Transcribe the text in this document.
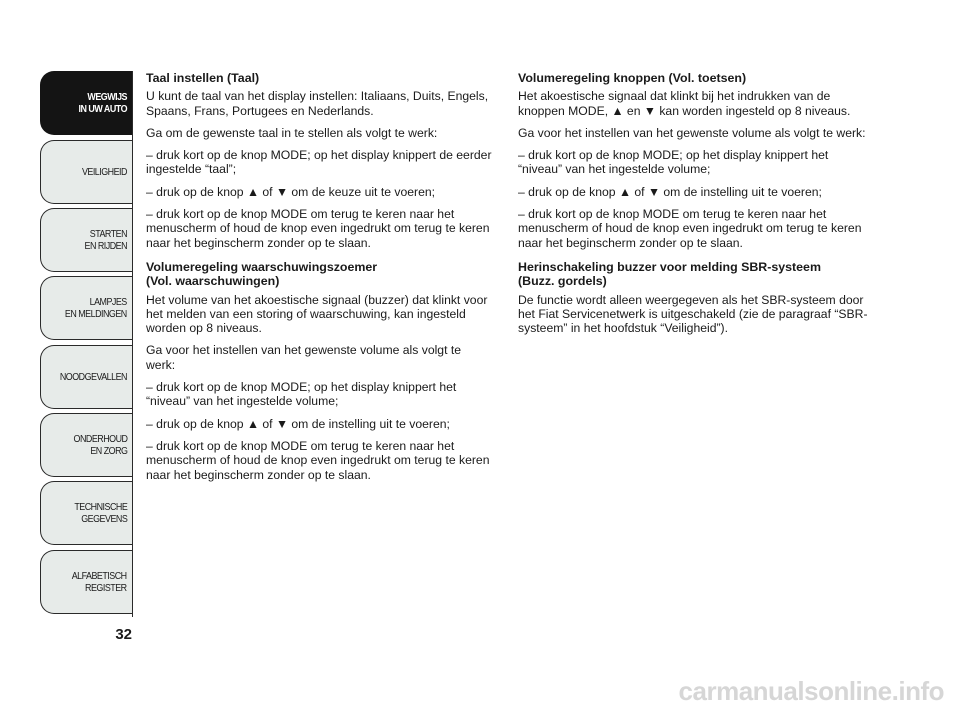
WEGWIJS
IN UW AUTO
VEILIGHEID
STARTEN
EN RIJDEN
LAMPJES
EN MELDINGEN
NOODGEVALLEN
ONDERHOUD
EN ZORG
TECHNISCHE
GEGEVENS
ALFABETISCH
REGISTER
32
Taal instellen (Taal)

U kunt de taal van het display instellen: Italiaans, Duits, Engels, Spaans, Frans, Portugees en Nederlands.

Ga om de gewenste taal in te stellen als volgt te werk:

– druk kort op de knop MODE; op het display knippert de eerder ingestelde “taal”;

– druk op de knop ▲ of ▼ om de keuze uit te voeren;

– druk kort op de knop MODE om terug te keren naar het menuscherm of houd de knop even ingedrukt om terug te keren naar het beginscherm zonder op te slaan.

Volumeregeling waarschuwingszoemer
(Vol. waarschuwingen)

Het volume van het akoestische signaal (buzzer) dat klinkt voor het melden van een storing of waarschuwing, kan ingesteld worden op 8 niveaus.

Ga voor het instellen van het gewenste volume als volgt te werk:

– druk kort op de knop MODE; op het display knippert het “niveau” van het ingestelde volume;

– druk op de knop ▲ of ▼ om de instelling uit te voeren;

– druk kort op de knop MODE om terug te keren naar het menuscherm of houd de knop even ingedrukt om terug te keren naar het beginscherm zonder op te slaan.

Volumeregeling knoppen (Vol. toetsen)

Het akoestische signaal dat klinkt bij het indrukken van de knoppen MODE, ▲ en ▼ kan worden ingesteld op 8 niveaus.

Ga voor het instellen van het gewenste volume als volgt te werk:

– druk kort op de knop MODE; op het display knippert het “niveau” van het ingestelde volume;

– druk op de knop ▲ of ▼ om de instelling uit te voeren;

– druk kort op de knop MODE om terug te keren naar het menuscherm of houd de knop even ingedrukt om terug te keren naar het beginscherm zonder op te slaan.

Herinschakeling buzzer voor melding SBR-systeem
(Buzz. gordels)

De functie wordt alleen weergegeven als het SBR-systeem door het Fiat Servicenetwerk is uitgeschakeld (zie de paragraaf “SBR-systeem” in het hoofdstuk “Veiligheid”).

carmanualsonline.info
